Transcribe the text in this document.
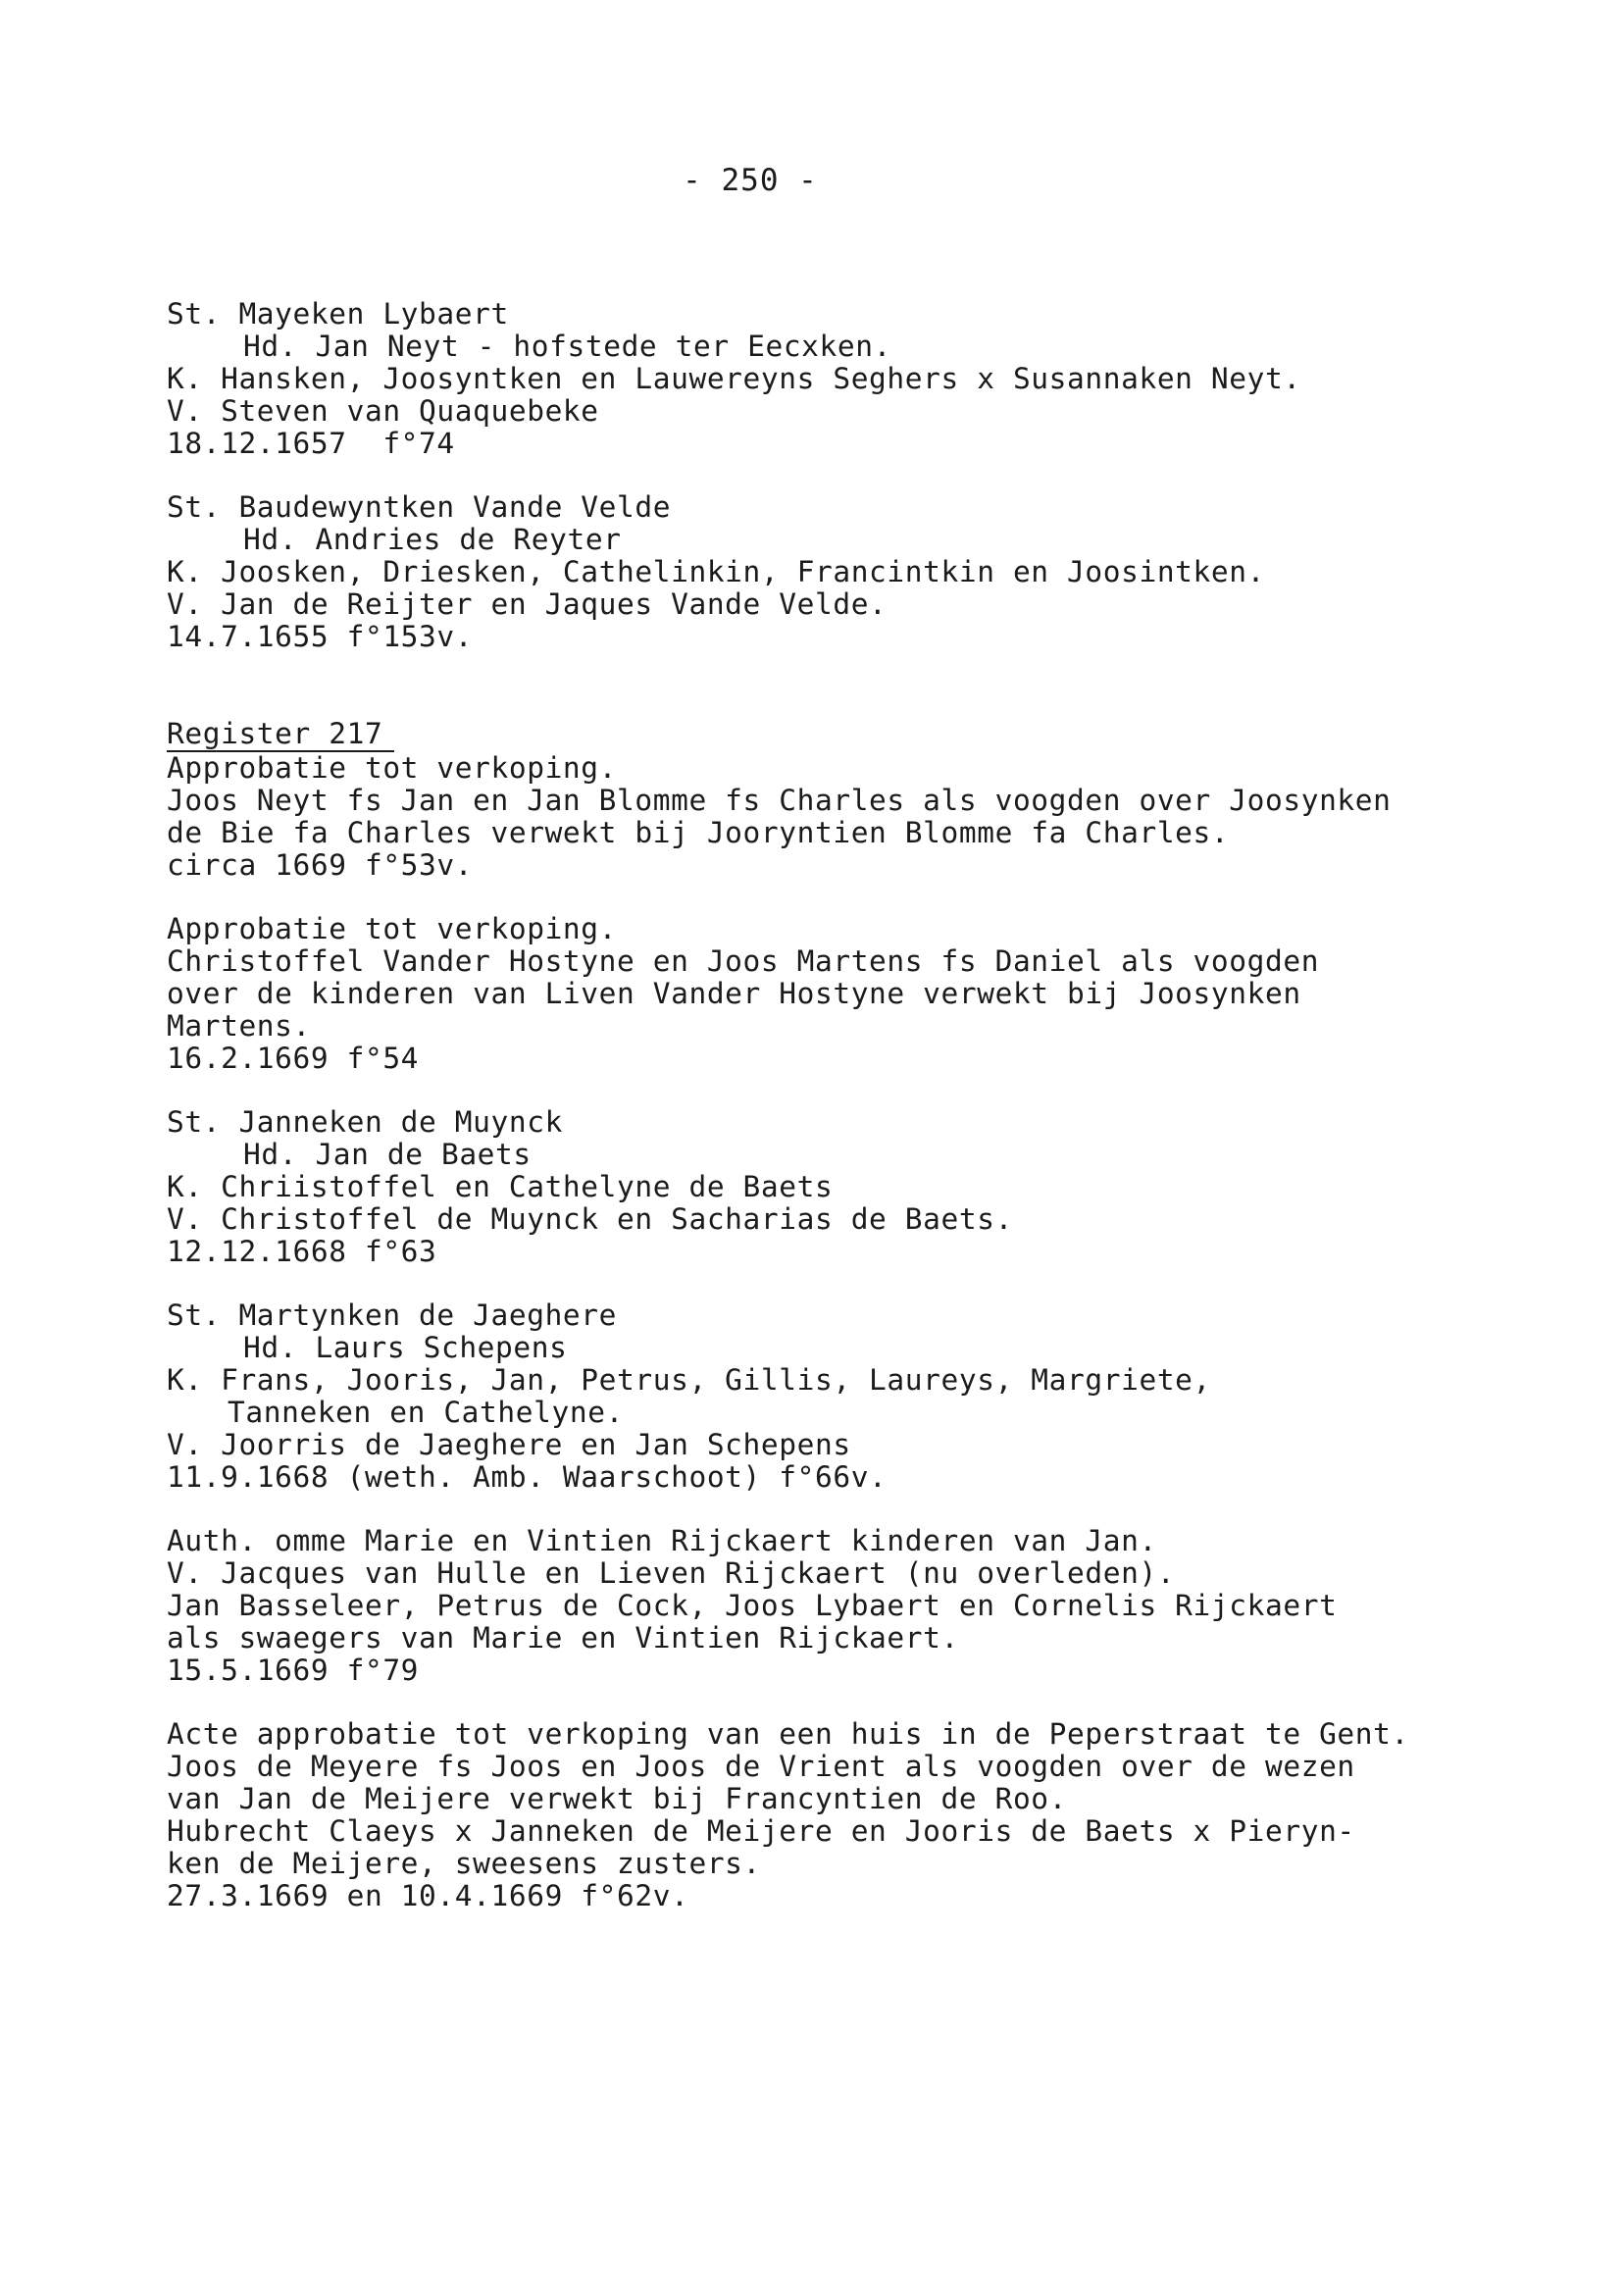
- 250 -
St. Mayeken Lybaert
Hd. Jan Neyt - hofstede ter Eecxken.
K. Hansken, Joosyntken en Lauwereyns Seghers x Susannaken Neyt.
V. Steven van Quaquebeke
18.12.1657  f°74
St. Baudewyntken Vande Velde
Hd. Andries de Reyter
K. Joosken, Driesken, Cathelinkin, Francintkin en Joosintken.
V. Jan de Reijter en Jaques Vande Velde.
14.7.1655 f°153v.
Register 217
Approbatie tot verkoping.
Joos Neyt fs Jan en Jan Blomme fs Charles als voogden over Joosynken
de Bie fa Charles verwekt bij Jooryntien Blomme fa Charles.
circa 1669 f°53v.
Approbatie tot verkoping.
Christoffel Vander Hostyne en Joos Martens fs Daniel als voogden
over de kinderen van Liven Vander Hostyne verwekt bij Joosynken
Martens.
16.2.1669 f°54
St. Janneken de Muynck
Hd. Jan de Baets
K. Chriistoffel en Cathelyne de Baets
V. Christoffel de Muynck en Sacharias de Baets.
12.12.1668 f°63
St. Martynken de Jaeghere
Hd. Laurs Schepens
K. Frans, Jooris, Jan, Petrus, Gillis, Laureys, Margriete,
Tanneken en Cathelyne.
V. Joorris de Jaeghere en Jan Schepens
11.9.1668 (weth. Amb. Waarschoot) f°66v.
Auth. omme Marie en Vintien Rijckaert kinderen van Jan.
V. Jacques van Hulle en Lieven Rijckaert (nu overleden).
Jan Basseleer, Petrus de Cock, Joos Lybaert en Cornelis Rijckaert
als swaegers van Marie en Vintien Rijckaert.
15.5.1669 f°79
Acte approbatie tot verkoping van een huis in de Peperstraat te Gent.
Joos de Meyere fs Joos en Joos de Vrient als voogden over de wezen
van Jan de Meijere verwekt bij Francyntien de Roo.
Hubrecht Claeys x Janneken de Meijere en Jooris de Baets x Pieryn-
ken de Meijere, sweesens zusters.
27.3.1669 en 10.4.1669 f°62v.
